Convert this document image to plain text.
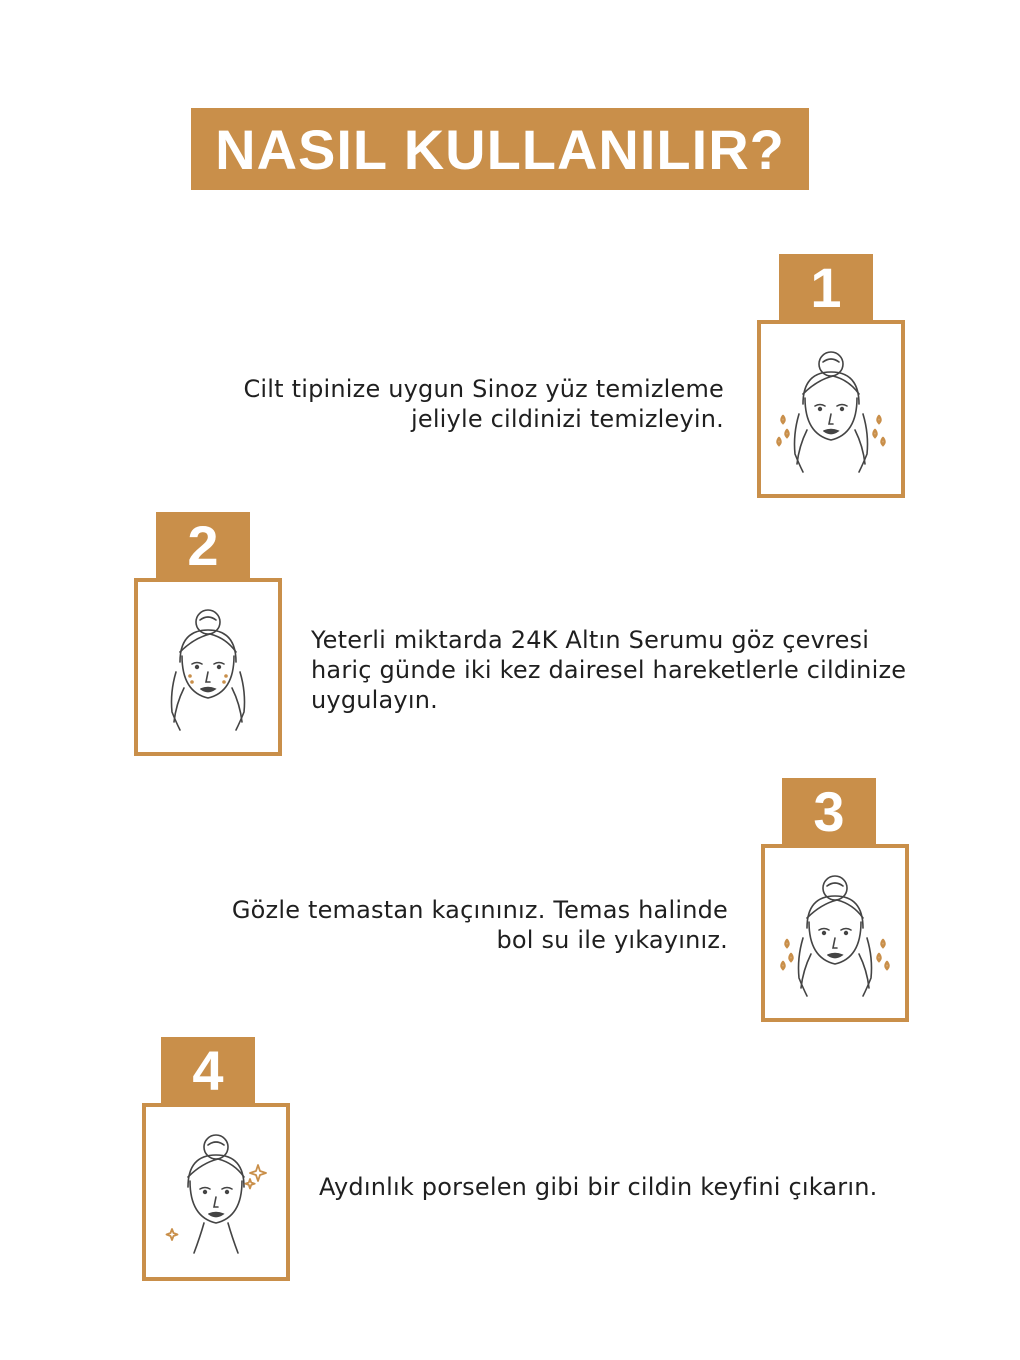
NASIL KULLANILIR?
1
Cilt tipinize uygun Sinoz yüz temizleme
jeliyle cildinizi temizleyin.
2
Yeterli miktarda 24K Altın Serumu göz çevresi
hariç günde iki kez dairesel hareketlerle cildinize
uygulayın.
3
Gözle temastan kaçınınız. Temas halinde
bol su ile yıkayınız.
4
Aydınlık porselen gibi bir cildin keyfini çıkarın.
